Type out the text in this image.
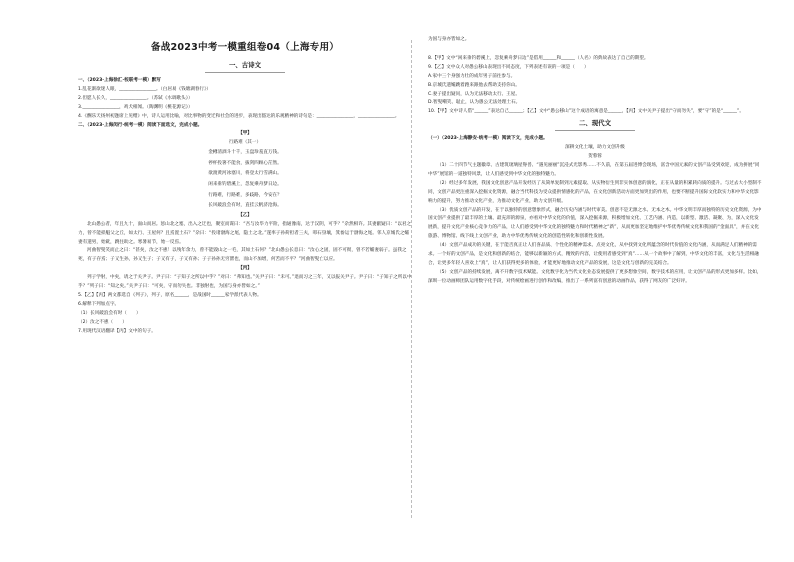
备战2023中考一模重组卷04（上海专用）
一、古诗文
一、（2023·上海徐汇·校联考一模）默写
1.乱花渐欲迷人眼，________________。（白居易《钱塘湖春行》）
2.但愿人长久，________________。（苏轼《水调歌头》）
3.________________，鸡犬相闻。（陶渊明《桃花源记》）
4.《酬乐天扬州初逢席上见赠》中，诗人运用比喻，对比事物的变迁和社会的进步，表现出豁达的乐观精神的诗句是：________________，________________。
二、（2023·上海闵行·统考一模）阅读下面选文，完成小题。
【甲】
行路难（其一）
金樽清酒斗十千，玉盘珍羞直万钱。
停杯投箸不能食，拔剑四顾心茫然。
欲渡黄河冰塞川，将登太行雪满山。
闲来垂钓碧溪上，忽复乘舟梦日边。
行路难，行路难，多歧路，今安在？
长风破浪会有时，直挂云帆济沧海。
【乙】
北山愚公者，年且九十，面山而居。惩山北之塞，出入之迂也，聚室而谋曰：“吾与汝毕力平险，指通豫南，达于汉阴，可乎？”杂然相许。其妻献疑曰：“以君之力，曾不能损魁父之丘，如太行、王屋何？且焉置土石？”杂曰：“投诸渤海之尾，隐土之北。”遂率子孙荷担者三夫，叩石垦壤，箕畚运于渤海之尾。邻人京城氏之孀妻有遗男，始龀，跳往助之。寒暑易节，始一反焉。
河曲智叟笑而止之曰：“甚矣，汝之不惠！以残年余力，曾不能毁山之一毛，其如土石何？”北山愚公长息曰：“汝心之固，固不可彻，曾不若孀妻弱子。虽我之死，有子存焉；子又生孙，孙又生子；子又有子，子又有孙；子子孙孙无穷匮也，而山不加增，何苦而不平？”河曲智叟亡以应。
【丙】
列子学射，中矣，请之于关尹子。尹子曰：“子知子之所以中乎？”对曰：“弗知也。”关尹子曰：“未可。”退而习之三年，又以报关尹子。尹子曰：“子知子之所以中乎？”列子曰：“知之矣。”关尹子曰：“可矣，守而勿失也。非独射也，为国与身亦皆如之。”
5.【乙】【丙】两文都选自《列子》，列子，原名______，是战国时______家学派代表人物。
6.解释下列加点字。
（1）长风破浪会有时（　　）
（2）汝之不惠（　　）
7.用现代汉语翻译【丙】文中的句子。
为国与身亦皆如之。
8.【甲】文中“闲来垂钓碧溪上，忽复乘舟梦日边”是借用______和______（人名）的典故表达了自己的期望。
9.【乙】文中众人对愚公移山表现出不同态度，下列表述有误的一项是（　　）
A.家中三个身强力壮的成年男子前往参与。
B.京城氏遗孀跳着跑来跟他去帮助支持你山。
C.妻子提出疑问，认为无法移动太行、王屋。
D.智叟嘲笑、耻止，认为愚公无法处理土石。
10.【甲】文中诗人借“______”表达自己______；【乙】文中“愚公移山”这个成语的寓意是______，【丙】文中关尹子提出“守而勿失”，要“守”的是“______”。
二、现代文
（一）（2023·上海静安·统考一模）阅读下文，完成小题。
深耕文化土壤，助力文创升级
贺蓉蓉
（1）二十四节气主题徽章、古建筑琉璃屋脊兽、“遇见丽丽”沉浸式光影秀……不久前，在第五届进博会现场，富含中国元素的文创产品受到欢迎，成为拼展“同中华”展馆的一道独特风景，让人们感受到中华文化的独特魅力。
（2）经过多年发展，我国文化创意产品开发经历了从简单复制到元素提取、从实物衍生到非实体创意的演化，正在从量的积累转向质的提升。与过去大小型制不同，文创产品更注重深入挖掘文化资源，融合当代科技为受众提供情感化的产品，在文化创新活动方面更加突出的作用，也要不断提升国际文化软实力和中华文化影响力的提升，努力推动文化产业，为推动文化产业，助力文创升级。
（3）优质文创产品的开发，在于以独特的创意想象形式，融合历史内涵与时代审美。创意不是无源之水、无本之木。中华文明丰厚而独特的历史文化资源，为中国文创产业提供了最丰厚的土壤、最充沛的源泉，亦看对中华文化的价值，深入挖掘来源，积极增加文化、工艺内涵、内造，以新型、激活、凝聚、为，深入文化发展新，提升文化产业核心竞争力的产品，让人们感受到中华文化的独特魅力和时代精神之“新”，从而更加坚定地维护中华优秀传统文化和我国的“金面具”，并在文化旅游、博物馆、线下线上文创产业，助力中华优秀传统文化的创造性转化和创新性发展。
（4）文创产品成功的关键，在于能否真正让人们喜品质、个性化的精神需求。点亮文化，从中找到文化所蕴含的时代价值的文化内涵，从而满足人们精神的需求。一个好的文创产品，是文化和创新的结合，能够以新颖的方式，精致的内容，让使用者感受到“真”……从一个故事中了解到，中华文化的丰富，文化与生活相融合，让更多年轻人喜欢上“真”，让人们获得更多的体验，才能更好地推动文化产品的发展，这是文化与创新的完美结合。
（5）文创产品的持续发展，离不开数字技术赋能。文化数字化为当代文化业态发展提供了更多想象空间，数字技术的应用，让文创产品的形式更加多样。比如，深圳一位动画师团队运用数字化手段，对传统绘画进行创作和改编，推出了一系列富有创意的动画作品，获得了网友的广泛好评。
